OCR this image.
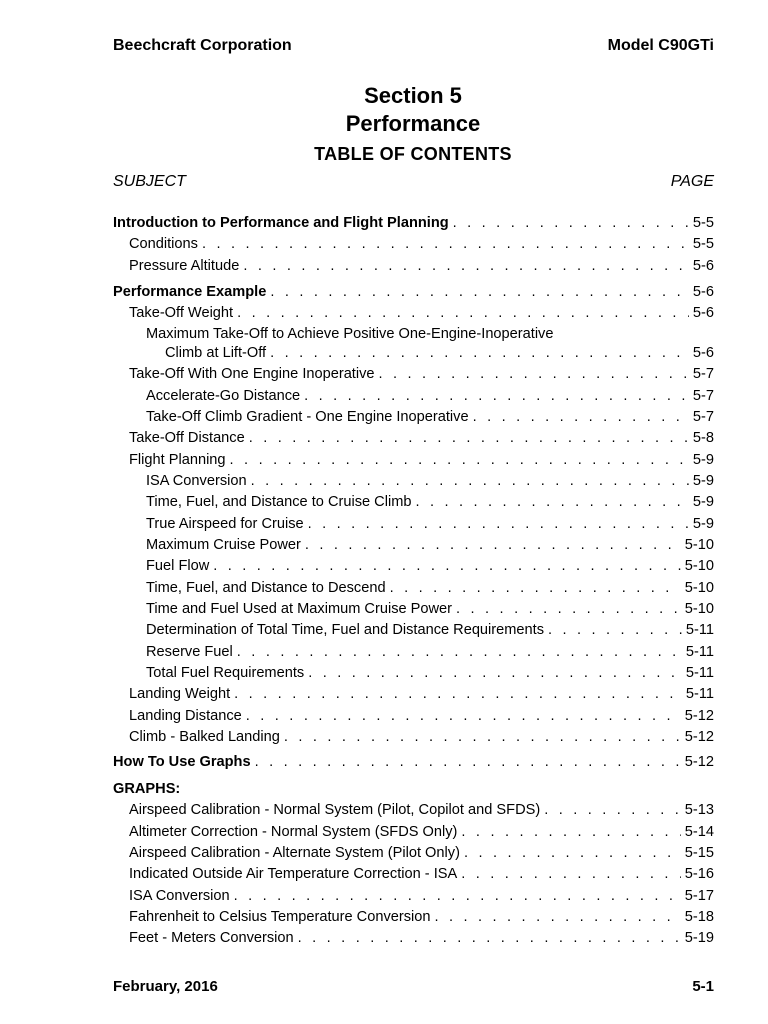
Beechcraft Corporation	Model C90GTi
Section 5
Performance
TABLE OF CONTENTS
SUBJECT	PAGE
Introduction to Performance and Flight Planning . . .	5-5
Conditions . . .	5-5
Pressure Altitude . . .	5-6
Performance Example . . .	5-6
Take-Off Weight . . .	5-6
Maximum Take-Off to Achieve Positive One-Engine-Inoperative
Climb at Lift-Off . . .	5-6
Take-Off With One Engine Inoperative . . .	5-7
Accelerate-Go Distance . . .	5-7
Take-Off Climb Gradient - One Engine Inoperative . . .	5-7
Take-Off Distance . . .	5-8
Flight Planning . . .	5-9
ISA Conversion . . .	5-9
Time, Fuel, and Distance to Cruise Climb . . .	5-9
True Airspeed for Cruise . . .	5-9
Maximum Cruise Power . . .	5-10
Fuel Flow . . .	5-10
Time, Fuel, and Distance to Descend . . .	5-10
Time and Fuel Used at Maximum Cruise Power . . .	5-10
Determination of Total Time, Fuel and Distance Requirements . . .	5-11
Reserve Fuel . . .	5-11
Total Fuel Requirements . . .	5-11
Landing Weight . . .	5-11
Landing Distance . . .	5-12
Climb - Balked Landing . . .	5-12
How To Use Graphs . . .	5-12
GRAPHS:
Airspeed Calibration - Normal System (Pilot, Copilot and SFDS) . . .	5-13
Altimeter Correction - Normal System (SFDS Only) . . .	5-14
Airspeed Calibration - Alternate System (Pilot Only) . . .	5-15
Indicated Outside Air Temperature Correction - ISA . . .	5-16
ISA Conversion . . .	5-17
Fahrenheit to Celsius Temperature Conversion . . .	5-18
Feet - Meters Conversion . . .	5-19
February, 2016	5-1
